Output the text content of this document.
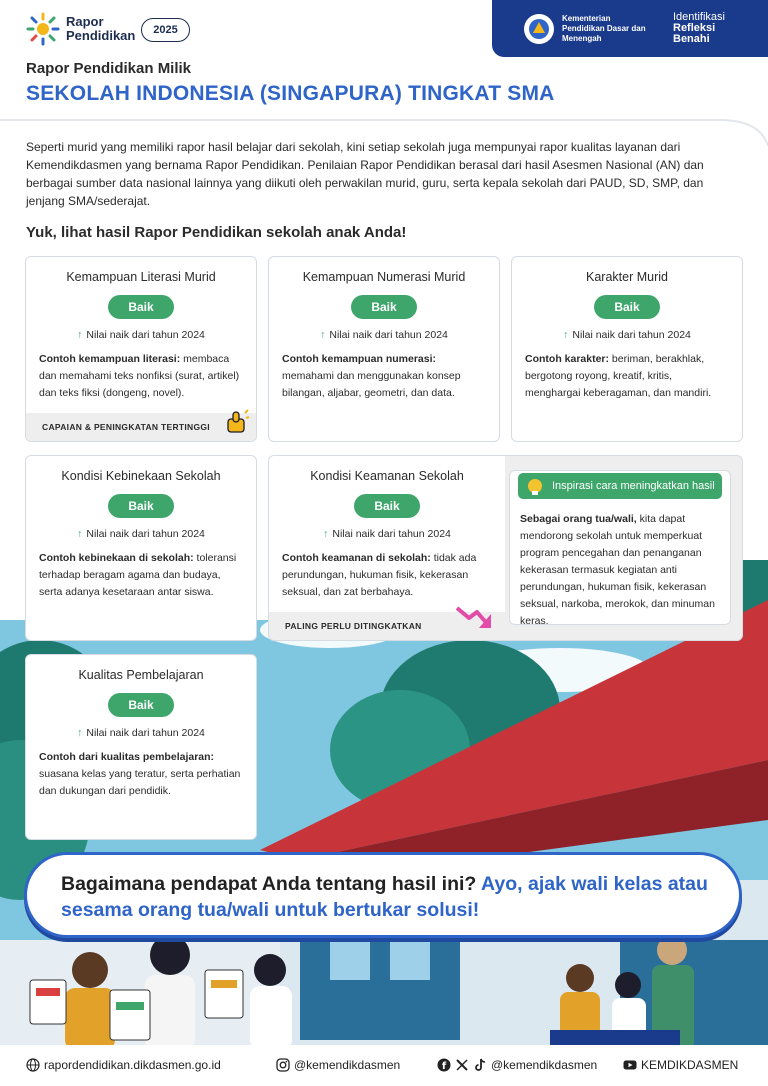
Rapor
Pendidikan	2025
Kementerian
Pendidikan Dasar dan
Menengah
Identifikasi
Refleksi
Benahi
Rapor Pendidikan Milik
SEKOLAH INDONESIA (SINGAPURA) TINGKAT SMA
Seperti murid yang memiliki rapor hasil belajar dari sekolah, kini setiap sekolah juga mempunyai rapor kualitas layanan dari Kemendikdasmen yang bernama Rapor Pendidikan. Penilaian Rapor Pendidikan berasal dari hasil Asesmen Nasional (AN) dan berbagai sumber data nasional lainnya yang diikuti oleh perwakilan murid, guru, serta kepala sekolah dari PAUD, SD, SMP, dan jenjang SMA/sederajat.
Yuk, lihat hasil Rapor Pendidikan sekolah anak Anda!
Kemampuan Literasi Murid
Baik
↑ Nilai naik dari tahun 2024
Contoh kemampuan literasi: membaca dan memahami teks nonfiksi (surat, artikel) dan teks fiksi (dongeng, novel).
CAPAIAN & PENINGKATAN TERTINGGI
Kemampuan Numerasi Murid
Baik
↑ Nilai naik dari tahun 2024
Contoh kemampuan numerasi: memahami dan menggunakan konsep bilangan, aljabar, geometri, dan data.
Karakter Murid
Baik
↑ Nilai naik dari tahun 2024
Contoh karakter: beriman, berakhlak, bergotong royong, kreatif, kritis, menghargai keberagaman, dan mandiri.
Kondisi Kebinekaan Sekolah
Baik
↑ Nilai naik dari tahun 2024
Contoh kebinekaan di sekolah: toleransi terhadap beragam agama dan budaya, serta adanya kesetaraan antar siswa.
Kondisi Keamanan Sekolah
Baik
↑ Nilai naik dari tahun 2024
Contoh keamanan di sekolah: tidak ada perundungan, hukuman fisik, kekerasan seksual, dan zat berbahaya.
PALING PERLU DITINGKATKAN
Inspirasi cara meningkatkan hasil
Sebagai orang tua/wali, kita dapat mendorong sekolah untuk memperkuat program pencegahan dan penanganan kekerasan termasuk kegiatan anti perundungan, hukuman fisik, kekerasan seksual, narkoba, merokok, dan minuman keras.
Kualitas Pembelajaran
Baik
↑ Nilai naik dari tahun 2024
Contoh dari kualitas pembelajaran: suasana kelas yang teratur, serta perhatian dan dukungan dari pendidik.
Bagaimana pendapat Anda tentang hasil ini? Ayo, ajak wali kelas atau sesama orang tua/wali untuk bertukar solusi!
rapordendidikan.dikdasmen.go.id	@kemendikdasmen	f	@kemendikdasmen	KEMDIKDASMEN
